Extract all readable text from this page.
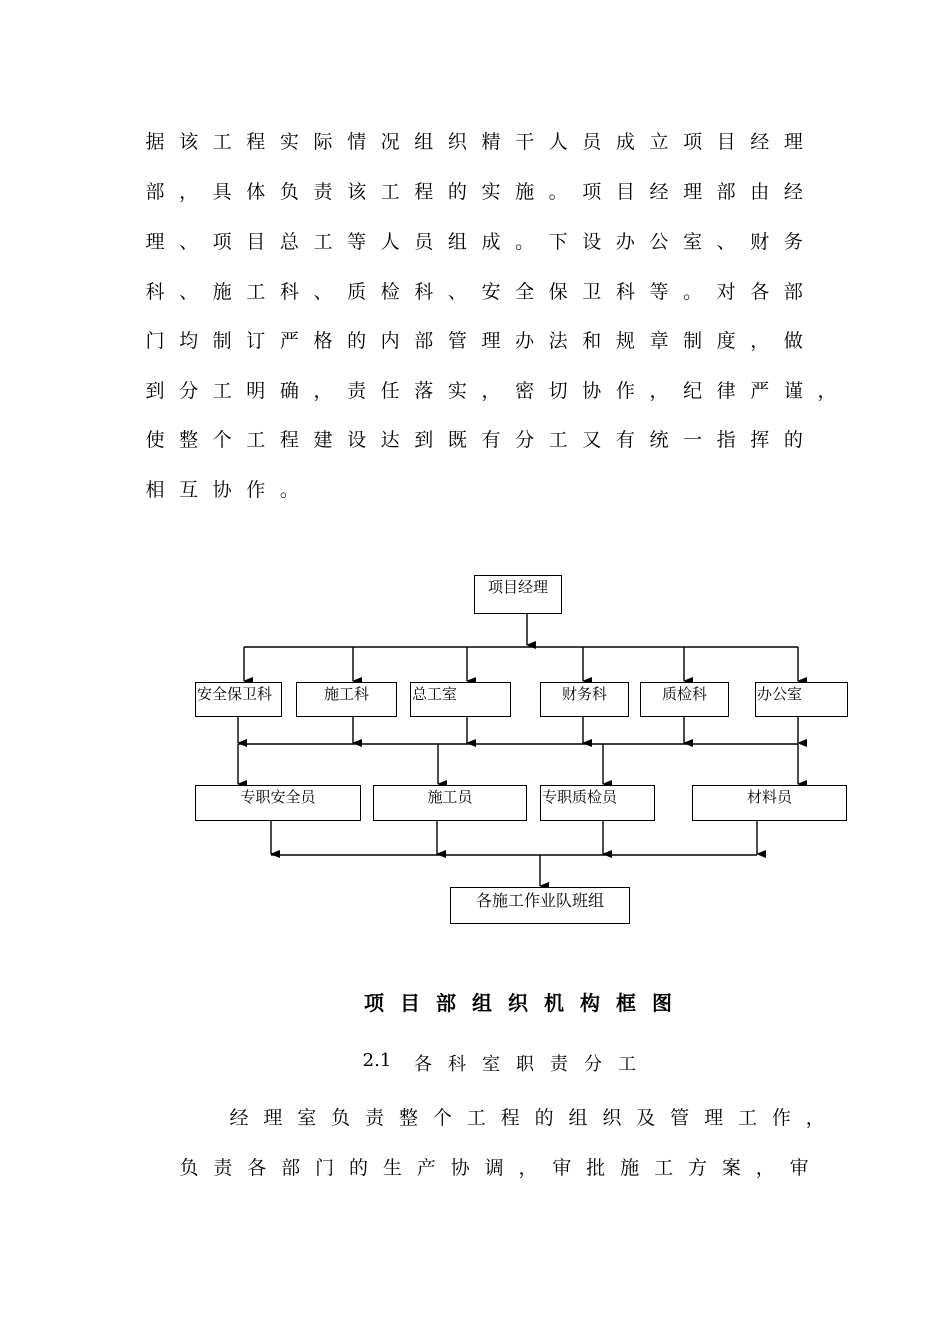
据 该 工 程 实 际 情 况 组 织 精 干 人 员 成 立 项 目 经 理
部 ， 具 体 负 责 该 工 程 的 实 施 。 项 目 经 理 部 由 经
理 、 项 目 总 工 等 人 员 组 成 。 下 设 办 公 室 、 财 务
科 、 施 工 科 、 质 检 科 、 安 全 保 卫 科 等 。 对 各 部
门 均 制 订 严 格 的 内 部 管 理 办 法 和 规 章 制 度 ， 做
到 分 工 明 确 ， 责 任 落 实 ， 密 切 协 作 ， 纪 律 严 谨 ，
使 整 个 工 程 建 设 达 到 既 有 分 工 又 有 统 一 指 挥 的
相 互 协 作 。
项目经理
安全保卫科	施工科	总工室	财务科	质检科	办公室
专职安全员	施工员	专职质检员	材料员
各施工作业队班组
项 目 部 组 织 机 构 框 图
2.1 各 科 室 职 责 分 工
经 理 室 负 责 整 个 工 程 的 组 织 及 管 理 工 作 ，
负 责 各 部 门 的 生 产 协 调 ， 审 批 施 工 方 案 ， 审
